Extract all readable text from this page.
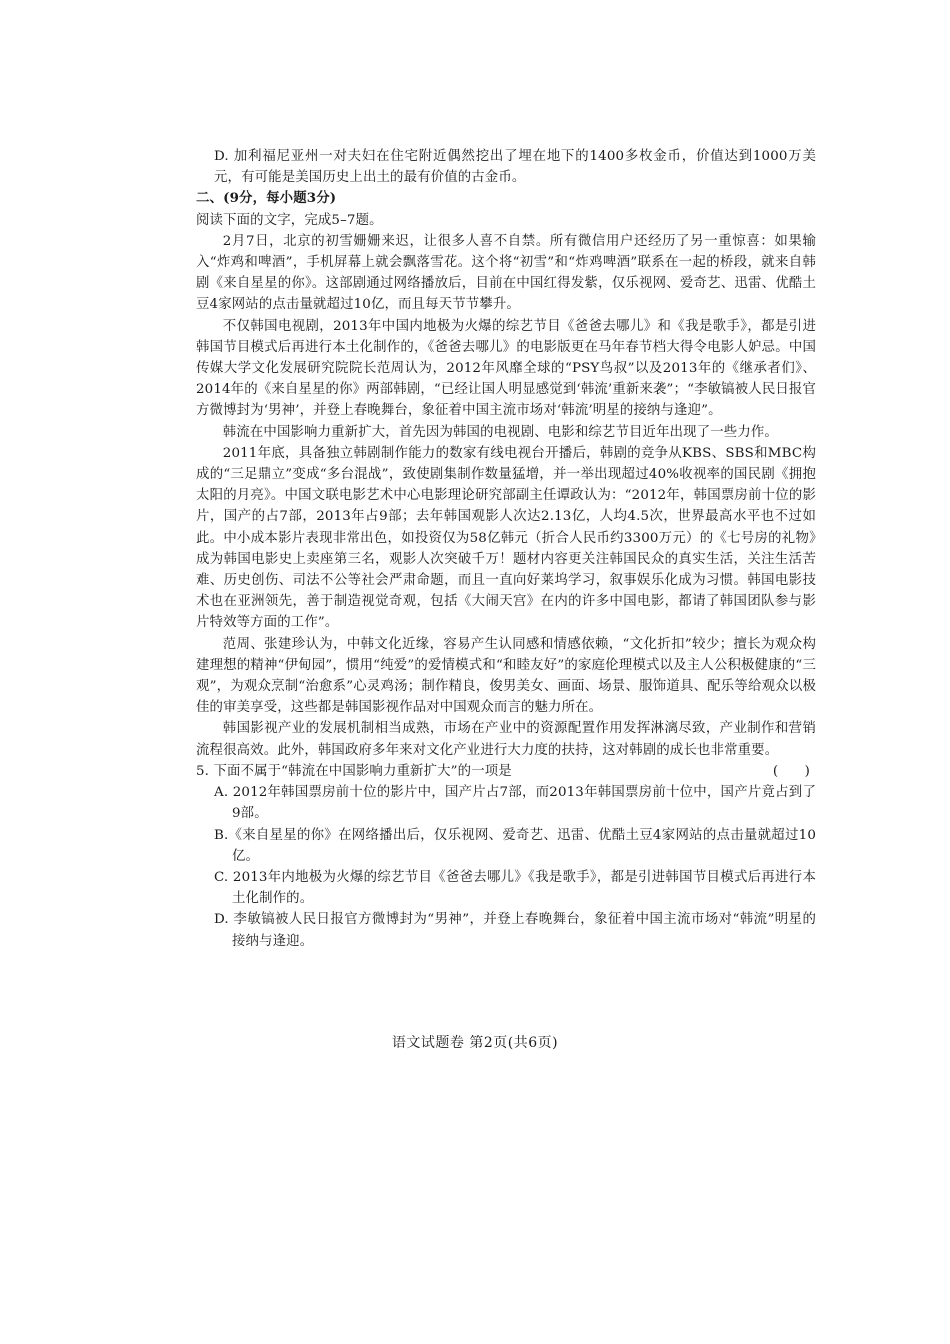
D. 加利福尼亚州一对夫妇在住宅附近偶然挖出了埋在地下的1400多枚金币，价值达到1000万美元，有可能是美国历史上出土的最有价值的古金币。

二、(9分，每小题3分)

阅读下面的文字，完成5–7题。

2月7日，北京的初雪姗姗来迟，让很多人喜不自禁。所有微信用户还经历了另一重惊喜：如果输入“炸鸡和啤酒”，手机屏幕上就会飘落雪花。这个将“初雪”和“炸鸡啤酒”联系在一起的桥段，就来自韩剧《来自星星的你》。这部剧通过网络播放后，目前在中国红得发紫，仅乐视网、爱奇艺、迅雷、优酷土豆4家网站的点击量就超过10亿，而且每天节节攀升。

不仅韩国电视剧，2013年中国内地极为火爆的综艺节目《爸爸去哪儿》和《我是歌手》，都是引进韩国节目模式后再进行本土化制作的，《爸爸去哪儿》的电影版更在马年春节档大得令电影人妒忌。中国传媒大学文化发展研究院院长范周认为，2012年风靡全球的“PSY鸟叔”以及2013年的《继承者们》、2014年的《来自星星的你》两部韩剧，“已经让国人明显感觉到‘韩流’重新来袭”；“李敏镐被人民日报官方微博封为‘男神’，并登上春晚舞台，象征着中国主流市场对‘韩流’明星的接纳与逢迎”。

韩流在中国影响力重新扩大，首先因为韩国的电视剧、电影和综艺节目近年出现了一些力作。

2011年底，具备独立韩剧制作能力的数家有线电视台开播后，韩剧的竞争从KBS、SBS和MBC构成的“三足鼎立”变成“多台混战”，致使剧集制作数量猛增，并一举出现超过40%收视率的国民剧《拥抱太阳的月亮》。中国文联电影艺术中心电影理论研究部副主任谭政认为：“2012年，韩国票房前十位的影片，国产的占7部，2013年占9部；去年韩国观影人次达2.13亿，人均4.5次，世界最高水平也不过如此。中小成本影片表现非常出色，如投资仅为58亿韩元（折合人民币约3300万元）的《七号房的礼物》成为韩国电影史上卖座第三名，观影人次突破千万！题材内容更关注韩国民众的真实生活，关注生活苦难、历史创伤、司法不公等社会严肃命题，而且一直向好莱坞学习，叙事娱乐化成为习惯。韩国电影技术也在亚洲领先，善于制造视觉奇观，包括《大闹天宫》在内的许多中国电影，都请了韩国团队参与影片特效等方面的工作”。

范周、张建珍认为，中韩文化近缘，容易产生认同感和情感依赖，“文化折扣”较少；擅长为观众构建理想的精神“伊甸园”，惯用“纯爱”的爱情模式和“和睦友好”的家庭伦理模式以及主人公积极健康的“三观”，为观众烹制“治愈系”心灵鸡汤；制作精良，俊男美女、画面、场景、服饰道具、配乐等给观众以极佳的审美享受，这些都是韩国影视作品对中国观众而言的魅力所在。

韩国影视产业的发展机制相当成熟，市场在产业中的资源配置作用发挥淋漓尽致，产业制作和营销流程很高效。此外，韩国政府多年来对文化产业进行大力度的扶持，这对韩剧的成长也非常重要。

5. 下面不属于“韩流在中国影响力重新扩大”的一项是	(      )

A. 2012年韩国票房前十位的影片中，国产片占7部，而2013年韩国票房前十位中，国产片竟占到了9部。

B.《来自星星的你》在网络播出后，仅乐视网、爱奇艺、迅雷、优酷土豆4家网站的点击量就超过10亿。

C. 2013年内地极为火爆的综艺节目《爸爸去哪儿》《我是歌手》，都是引进韩国节目模式后再进行本土化制作的。

D. 李敏镐被人民日报官方微博封为“男神”，并登上春晚舞台，象征着中国主流市场对“韩流”明星的接纳与逢迎。

语文试题卷 第2页(共6页)
